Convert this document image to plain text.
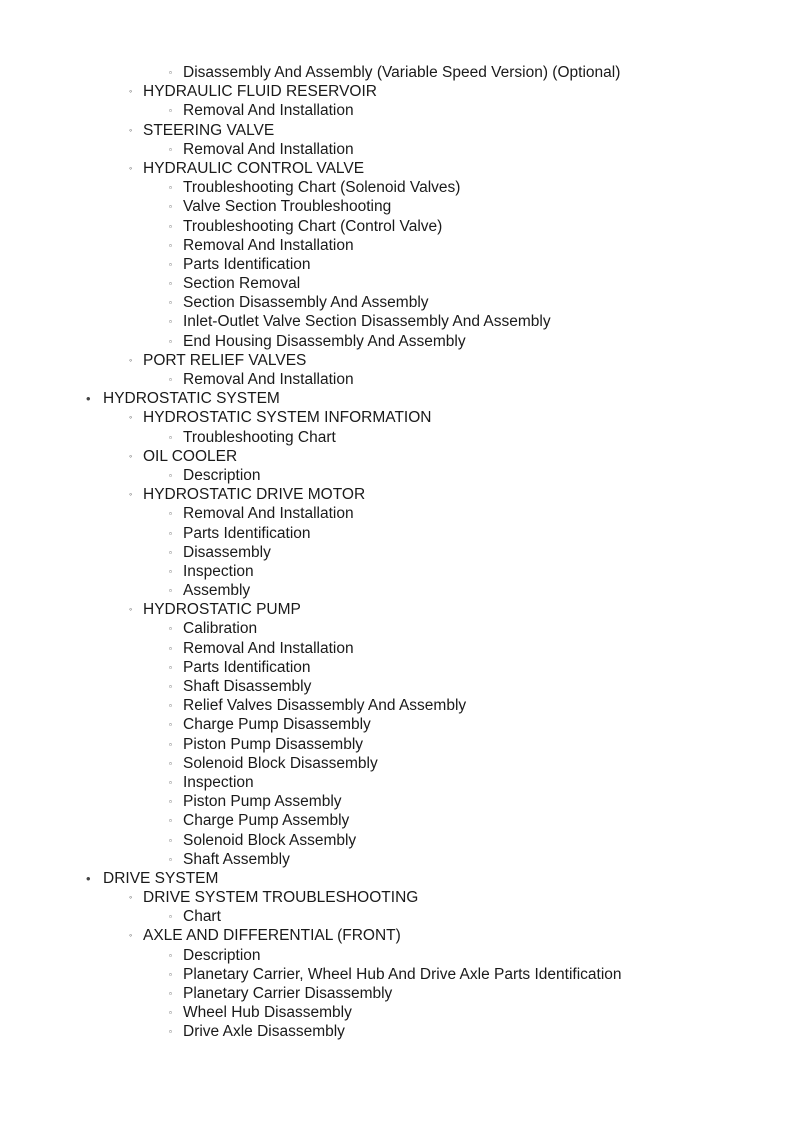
▫ Disassembly And Assembly (Variable Speed Version) (Optional)
◦ HYDRAULIC FLUID RESERVOIR
▫ Removal And Installation
◦ STEERING VALVE
▫ Removal And Installation
◦ HYDRAULIC CONTROL VALVE
▫ Troubleshooting Chart (Solenoid Valves)
▫ Valve Section Troubleshooting
▫ Troubleshooting Chart (Control Valve)
▫ Removal And Installation
▫ Parts Identification
▫ Section Removal
▫ Section Disassembly And Assembly
▫ Inlet-Outlet Valve Section Disassembly And Assembly
▫ End Housing Disassembly And Assembly
◦ PORT RELIEF VALVES
▫ Removal And Installation
• HYDROSTATIC SYSTEM
◦ HYDROSTATIC SYSTEM INFORMATION
▫ Troubleshooting Chart
◦ OIL COOLER
▫ Description
◦ HYDROSTATIC DRIVE MOTOR
▫ Removal And Installation
▫ Parts Identification
▫ Disassembly
▫ Inspection
▫ Assembly
◦ HYDROSTATIC PUMP
▫ Calibration
▫ Removal And Installation
▫ Parts Identification
▫ Shaft Disassembly
▫ Relief Valves Disassembly And Assembly
▫ Charge Pump Disassembly
▫ Piston Pump Disassembly
▫ Solenoid Block Disassembly
▫ Inspection
▫ Piston Pump Assembly
▫ Charge Pump Assembly
▫ Solenoid Block Assembly
▫ Shaft Assembly
• DRIVE SYSTEM
◦ DRIVE SYSTEM TROUBLESHOOTING
▫ Chart
◦ AXLE AND DIFFERENTIAL (FRONT)
▫ Description
▫ Planetary Carrier, Wheel Hub And Drive Axle Parts Identification
▫ Planetary Carrier Disassembly
▫ Wheel Hub Disassembly
▫ Drive Axle Disassembly
